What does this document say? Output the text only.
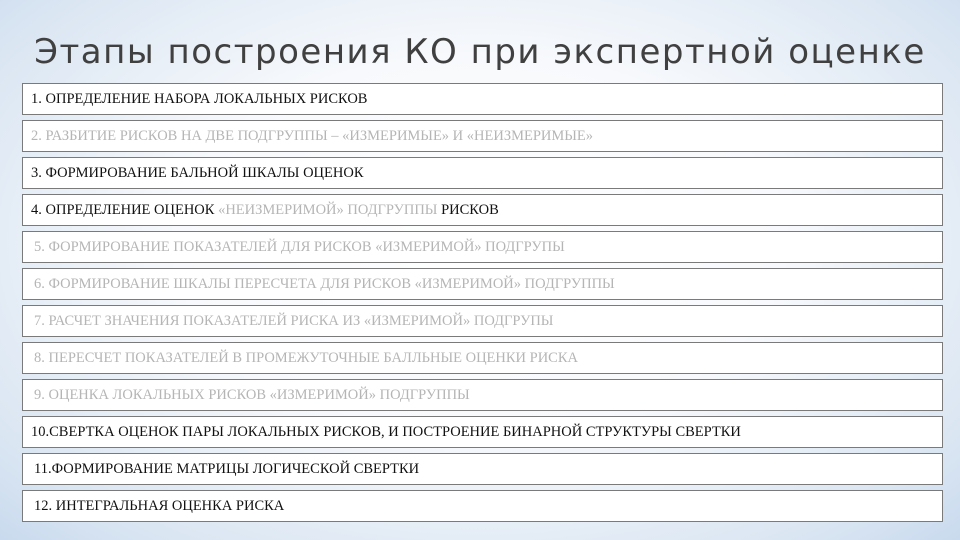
Этапы построения КО при экспертной оценке
1. ОПРЕДЕЛЕНИЕ НАБОРА ЛОКАЛЬНЫХ РИСКОВ
2. РАЗБИТИЕ РИСКОВ НА ДВЕ ПОДГРУППЫ – «ИЗМЕРИМЫЕ» И «НЕИЗМЕРИМЫЕ»
3. ФОРМИРОВАНИЕ БАЛЬНОЙ ШКАЛЫ ОЦЕНОК
4. ОПРЕДЕЛЕНИЕ ОЦЕНОК «НЕИЗМЕРИМОЙ» ПОДГРУППЫ РИСКОВ
5. ФОРМИРОВАНИЕ ПОКАЗАТЕЛЕЙ ДЛЯ РИСКОВ «ИЗМЕРИМОЙ» ПОДГРУПЫ
6. ФОРМИРОВАНИЕ ШКАЛЫ ПЕРЕСЧЕТА ДЛЯ РИСКОВ «ИЗМЕРИМОЙ» ПОДГРУППЫ
7. РАСЧЕТ ЗНАЧЕНИЯ ПОКАЗАТЕЛЕЙ РИСКА ИЗ «ИЗМЕРИМОЙ» ПОДГРУПЫ
8. ПЕРЕСЧЕТ ПОКАЗАТЕЛЕЙ В ПРОМЕЖУТОЧНЫЕ БАЛЛЬНЫЕ ОЦЕНКИ РИСКА
9. ОЦЕНКА ЛОКАЛЬНЫХ РИСКОВ «ИЗМЕРИМОЙ» ПОДГРУППЫ
10.СВЕРТКА ОЦЕНОК ПАРЫ ЛОКАЛЬНЫХ РИСКОВ, И ПОСТРОЕНИЕ БИНАРНОЙ СТРУКТУРЫ СВЕРТКИ
11.ФОРМИРОВАНИЕ МАТРИЦЫ ЛОГИЧЕСКОЙ СВЕРТКИ
12. ИНТЕГРАЛЬНАЯ ОЦЕНКА РИСКА
